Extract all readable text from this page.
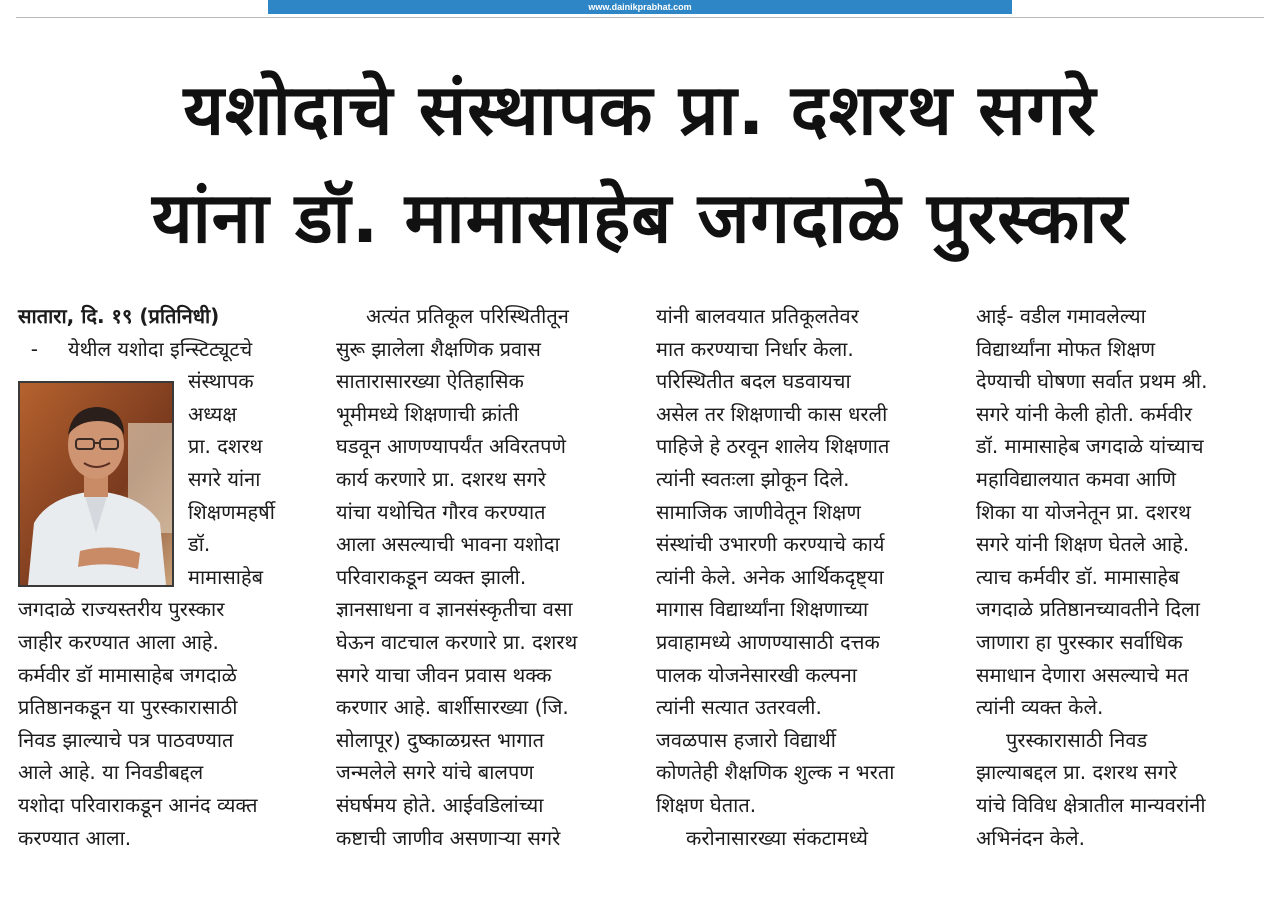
www.dainikprabhat.com
यशोदाचे संस्थापक प्रा. दशरथ सगरे
यांना डॉ. मामासाहेब जगदाळे पुरस्कार
सातारा, दि. १९ (प्रतिनिधी)
- येथील यशोदा इन्स्टिट्यूटचे
संस्थापक
अध्यक्ष
प्रा. दशरथ
सगरे यांना
शिक्षणमहर्षी
डॉ.
मामासाहेब
जगदाळे राज्यस्तरीय पुरस्कार
जाहीर करण्यात आला आहे.
कर्मवीर डॉ मामासाहेब जगदाळे
प्रतिष्ठानकडून या पुरस्कारासाठी
निवड झाल्याचे पत्र पाठवण्यात
आले आहे. या निवडीबद्दल
यशोदा परिवाराकडून आनंद व्यक्त
करण्यात आला.
अत्यंत प्रतिकूल परिस्थितीतून
सुरू झालेला शैक्षणिक प्रवास
सातारासारख्या ऐतिहासिक
भूमीमध्ये शिक्षणाची क्रांती
घडवून आणण्यापर्यंत अविरतपणे
कार्य करणारे प्रा. दशरथ सगरे
यांचा यथोचित गौरव करण्यात
आला असल्याची भावना यशोदा
परिवाराकडून व्यक्त झाली.
ज्ञानसाधना व ज्ञानसंस्कृतीचा वसा
घेऊन वाटचाल करणारे प्रा. दशरथ
सगरे याचा जीवन प्रवास थक्क
करणार आहे. बार्शीसारख्या (जि.
सोलापूर) दुष्काळग्रस्त भागात
जन्मलेले सगरे यांचे बालपण
संघर्षमय होते. आईवडिलांच्या
कष्टाची जाणीव असणाऱ्या सगरे
यांनी बालवयात प्रतिकूलतेवर
मात करण्याचा निर्धार केला.
परिस्थितीत बदल घडवायचा
असेल तर शिक्षणाची कास धरली
पाहिजे हे ठरवून शालेय शिक्षणात
त्यांनी स्वतःला झोकून दिले.
सामाजिक जाणीवेतून शिक्षण
संस्थांची उभारणी करण्याचे कार्य
त्यांनी केले. अनेक आर्थिकदृष्ट्या
मागास विद्यार्थ्यांना शिक्षणाच्या
प्रवाहामध्ये आणण्यासाठी दत्तक
पालक योजनेसारखी कल्पना
त्यांनी सत्यात उतरवली.
जवळपास हजारो विद्यार्थी
कोणतेही शैक्षणिक शुल्क न भरता
शिक्षण घेतात.
करोनासारख्या संकटामध्ये
आई- वडील गमावलेल्या
विद्यार्थ्यांना मोफत शिक्षण
देण्याची घोषणा सर्वात प्रथम श्री.
सगरे यांनी केली होती. कर्मवीर
डॉ. मामासाहेब जगदाळे यांच्याच
महाविद्यालयात कमवा आणि
शिका या योजनेतून प्रा. दशरथ
सगरे यांनी शिक्षण घेतले आहे.
त्याच कर्मवीर डॉ. मामासाहेब
जगदाळे प्रतिष्ठानच्यावतीने दिला
जाणारा हा पुरस्कार सर्वाधिक
समाधान देणारा असल्याचे मत
त्यांनी व्यक्त केले.
पुरस्कारासाठी निवड
झाल्याबद्दल प्रा. दशरथ सगरे
यांचे विविध क्षेत्रातील मान्यवरांनी
अभिनंदन केले.
